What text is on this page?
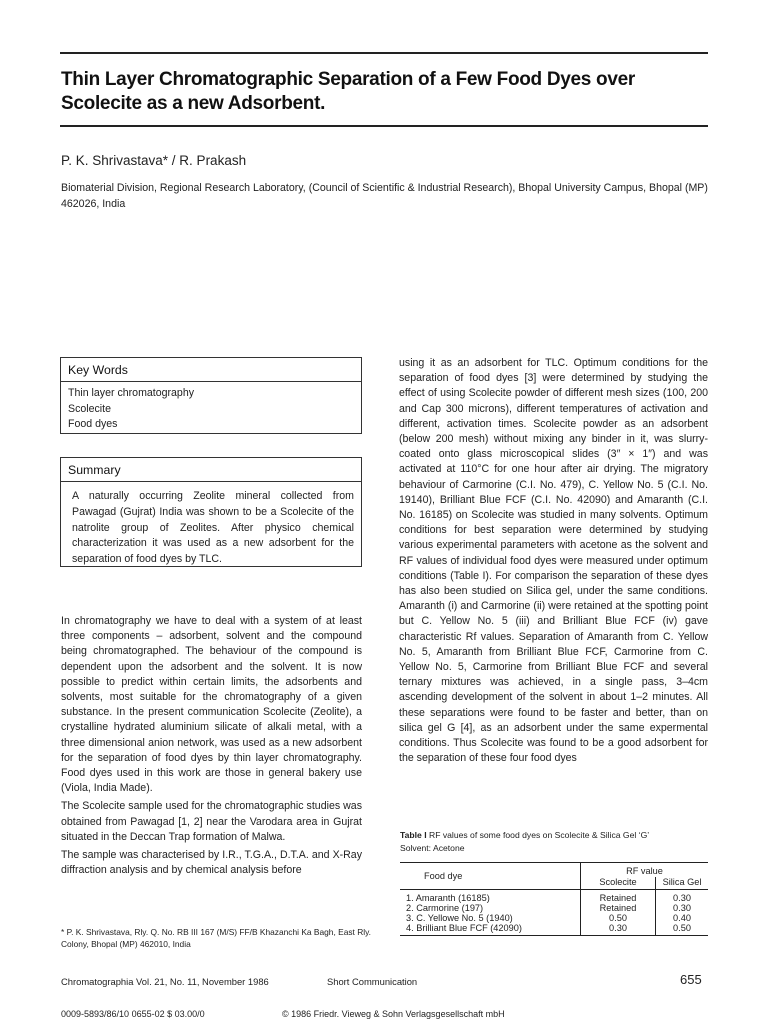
Thin Layer Chromatographic Separation of a Few Food Dyes over Scolecite as a new Adsorbent.
P. K. Shrivastava* / R. Prakash
Biomaterial Division, Regional Research Laboratory, (Council of Scientific & Industrial Research), Bhopal University Campus, Bhopal (MP) 462026, India
Key Words
Thin layer chromatography
Scolecite
Food dyes
Summary
A naturally occurring Zeolite mineral collected from Pawagad (Gujrat) India was shown to be a Scolecite of the natrolite group of Zeolites. After physico chemical characterization it was used as a new adsorbent for the separation of food dyes by TLC.

In chromatography we have to deal with a system of at least three components – adsorbent, solvent and the compound being chromatographed. The behaviour of the compound is dependent upon the adsorbent and the solvent. It is now possible to predict within certain limits, the adsorbents and solvents, most suitable for the chromatography of a given substance. In the present communication Scolecite (Zeolite), a crystalline hydrated aluminium silicate of alkali metal, with a three dimensional anion network, was used as a new adsorbent for the separation of food dyes by thin layer chromatography. Food dyes used in this work are those in general bakery use (Viola, India Made).

The Scolecite sample used for the chromatographic studies was obtained from Pawagad [1, 2] near the Varodara area in Gujrat situated in the Deccan Trap formation of Malwa.

The sample was characterised by I.R., T.G.A., D.T.A. and X-Ray diffraction analysis and by chemical analysis before

using it as an adsorbent for TLC. Optimum conditions for the separation of food dyes [3] were determined by studying the effect of using Scolecite powder of different mesh sizes (100, 200 and Cap 300 microns), different temperatures of activation and different, activation times. Scolecite powder as an adsorbent (below 200 mesh) without mixing any binder in it, was slurry-coated onto glass microscopical slides (3″ × 1″) and was activated at 110°C for one hour after air drying. The migratory behaviour of Carmorine (C.I. No. 479), C. Yellow No. 5 (C.I. No. 19140), Brilliant Blue FCF (C.I. No. 42090) and Amaranth (C.I. No. 16185) on Scolecite was studied in many solvents. Optimum conditions for best separation were determined by studying various experimental parameters with acetone as the solvent and RF values of individual food dyes were measured under optimum conditions (Table I). For comparison the separation of these dyes has also been studied on Silica gel, under the same conditions. Amaranth (i) and Carmorine (ii) were retained at the spotting point but C. Yellow No. 5 (iii) and Brilliant Blue FCF (iv) gave characteristic Rf values. Separation of Amaranth from C. Yellow No. 5, Amaranth from Brilliant Blue FCF, Carmorine from C. Yellow No. 5, Carmorine from Brilliant Blue FCF and several ternary mixtures was achieved, in a single pass, 3–4cm ascending development of the solvent in about 1–2 minutes. All these separations were found to be faster and better, than on silica gel G [4], as an adsorbent under the same expermental conditions. Thus Scolecite was found to be a good adsorbent for the separation of these four food dyes

Table I RF values of some food dyes on Scolecite & Silica Gel ‘G’
Solvent: Acetone
Food dye	RF value	
	Scolecite	Silica Gel
1. Amaranth (16185)	Retained	0.30
2. Carmorine (197)	Retained	0.30
3. C. Yellowe No. 5 (1940)	0.50	0.40
4. Brilliant Blue FCF (42090)	0.30	0.50
* P. K. Shrivastava, Rly. Q. No. RB III 167 (M/S) FF/B Khazanchi Ka Bagh, East Rly. Colony, Bhopal (MP) 462010, India
Chromatographia Vol. 21, No. 11, November 1986	Short Communication	655
0009-5893/86/10 0655-02 $ 03.00/0	© 1986 Friedr. Vieweg & Sohn Verlagsgesellschaft mbH
